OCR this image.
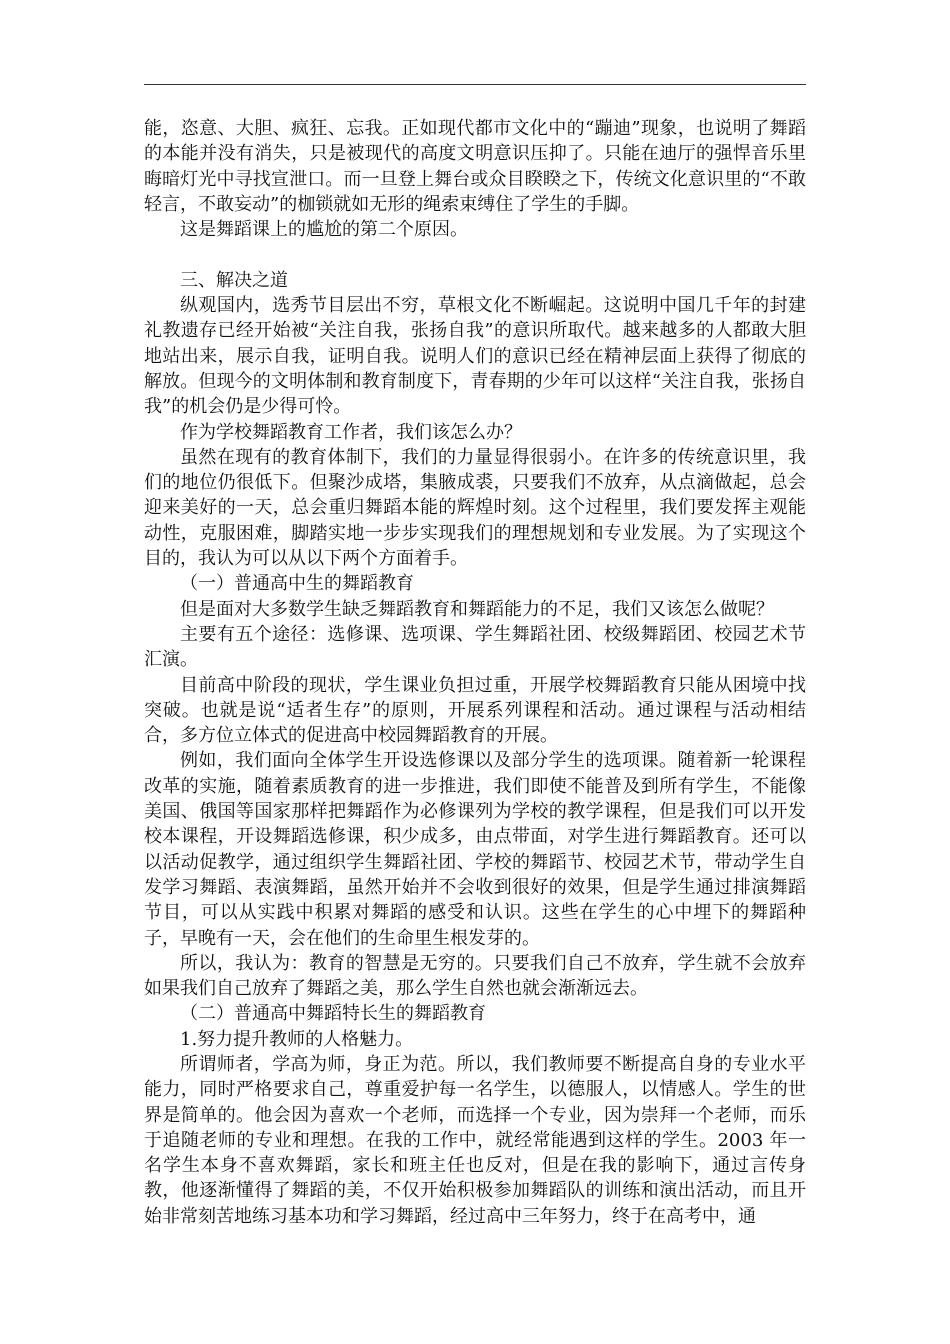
能，恣意、大胆、疯狂、忘我。正如现代都市文化中的“蹦迪”现象，也说明了舞蹈的本能并没有消失，只是被现代的高度文明意识压抑了。只能在迪厅的强悍音乐里晦暗灯光中寻找宣泄口。而一旦登上舞台或众目睽睽之下，传统文化意识里的“不敢轻言，不敢妄动”的枷锁就如无形的绳索束缚住了学生的手脚。

这是舞蹈课上的尴尬的第二个原因。

三、解决之道

纵观国内，选秀节目层出不穷，草根文化不断崛起。这说明中国几千年的封建礼教遗存已经开始被“关注自我，张扬自我”的意识所取代。越来越多的人都敢大胆地站出来，展示自我，证明自我。说明人们的意识已经在精神层面上获得了彻底的解放。但现今的文明体制和教育制度下，青春期的少年可以这样“关注自我，张扬自我”的机会仍是少得可怜。

作为学校舞蹈教育工作者，我们该怎么办？

虽然在现有的教育体制下，我们的力量显得很弱小。在许多的传统意识里，我们的地位仍很低下。但聚沙成塔，集腋成裘，只要我们不放弃，从点滴做起，总会迎来美好的一天，总会重归舞蹈本能的辉煌时刻。这个过程里，我们要发挥主观能动性，克服困难，脚踏实地一步步实现我们的理想规划和专业发展。为了实现这个目的，我认为可以从以下两个方面着手。

（一）普通高中生的舞蹈教育

但是面对大多数学生缺乏舞蹈教育和舞蹈能力的不足，我们又该怎么做呢？

主要有五个途径：选修课、选项课、学生舞蹈社团、校级舞蹈团、校园艺术节汇演。

目前高中阶段的现状，学生课业负担过重，开展学校舞蹈教育只能从困境中找突破。也就是说“适者生存”的原则，开展系列课程和活动。通过课程与活动相结合，多方位立体式的促进高中校园舞蹈教育的开展。

例如，我们面向全体学生开设选修课以及部分学生的选项课。随着新一轮课程改革的实施，随着素质教育的进一步推进，我们即使不能普及到所有学生，不能像美国、俄国等国家那样把舞蹈作为必修课列为学校的教学课程，但是我们可以开发校本课程，开设舞蹈选修课，积少成多，由点带面，对学生进行舞蹈教育。还可以以活动促教学，通过组织学生舞蹈社团、学校的舞蹈节、校园艺术节，带动学生自发学习舞蹈、表演舞蹈，虽然开始并不会收到很好的效果，但是学生通过排演舞蹈节目，可以从实践中积累对舞蹈的感受和认识。这些在学生的心中埋下的舞蹈种子，早晚有一天，会在他们的生命里生根发芽的。

所以，我认为：教育的智慧是无穷的。只要我们自己不放弃，学生就不会放弃如果我们自己放弃了舞蹈之美，那么学生自然也就会渐渐远去。

（二）普通高中舞蹈特长生的舞蹈教育

1.努力提升教师的人格魅力。

所谓师者，学高为师，身正为范。所以，我们教师要不断提高自身的专业水平能力，同时严格要求自己，尊重爱护每一名学生，以德服人，以情感人。学生的世界是简单的。他会因为喜欢一个老师，而选择一个专业，因为崇拜一个老师，而乐于追随老师的专业和理想。在我的工作中，就经常能遇到这样的学生。2003 年一名学生本身不喜欢舞蹈，家长和班主任也反对，但是在我的影响下，通过言传身教，他逐渐懂得了舞蹈的美，不仅开始积极参加舞蹈队的训练和演出活动，而且开始非常刻苦地练习基本功和学习舞蹈，经过高中三年努力，终于在高考中，通
